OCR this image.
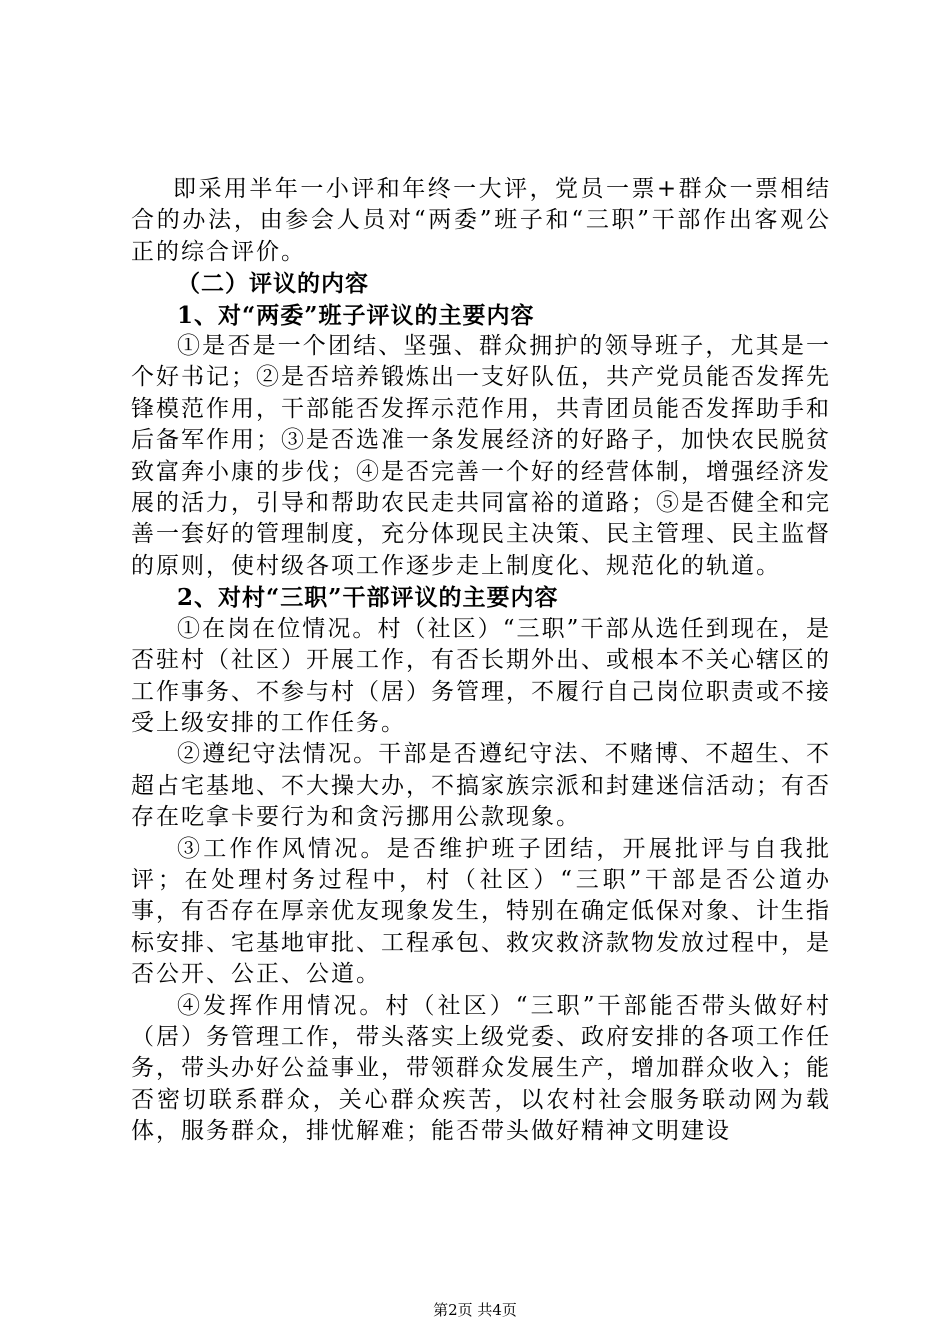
即采用半年一小评和年终一大评，党员一票+群众一票相结合的办法，由参会人员对“两委”班子和“三职”干部作出客观公正的综合评价。

（二）评议的内容

1、对“两委”班子评议的主要内容

①是否是一个团结、坚强、群众拥护的领导班子，尤其是一个好书记；②是否培养锻炼出一支好队伍，共产党员能否发挥先锋模范作用，干部能否发挥示范作用，共青团员能否发挥助手和后备军作用；③是否选准一条发展经济的好路子，加快农民脱贫致富奔小康的步伐；④是否完善一个好的经营体制，增强经济发展的活力，引导和帮助农民走共同富裕的道路；⑤是否健全和完善一套好的管理制度，充分体现民主决策、民主管理、民主监督的原则，使村级各项工作逐步走上制度化、规范化的轨道。

2、对村“三职”干部评议的主要内容

①在岗在位情况。村（社区）“三职”干部从选任到现在，是否驻村（社区）开展工作，有否长期外出、或根本不关心辖区的工作事务、不参与村（居）务管理，不履行自己岗位职责或不接受上级安排的工作任务。

②遵纪守法情况。干部是否遵纪守法、不赌博、不超生、不超占宅基地、不大操大办，不搞家族宗派和封建迷信活动；有否存在吃拿卡要行为和贪污挪用公款现象。

③工作作风情况。是否维护班子团结，开展批评与自我批评；在处理村务过程中，村（社区）“三职”干部是否公道办事，有否存在厚亲优友现象发生，特别在确定低保对象、计生指标安排、宅基地审批、工程承包、救灾救济款物发放过程中，是否公开、公正、公道。

④发挥作用情况。村（社区）“三职”干部能否带头做好村（居）务管理工作，带头落实上级党委、政府安排的各项工作任务，带头办好公益事业，带领群众发展生产，增加群众收入；能否密切联系群众，关心群众疾苦，以农村社会服务联动网为载体，服务群众，排忧解难；能否带头做好精神文明建设

第2页 共4页
